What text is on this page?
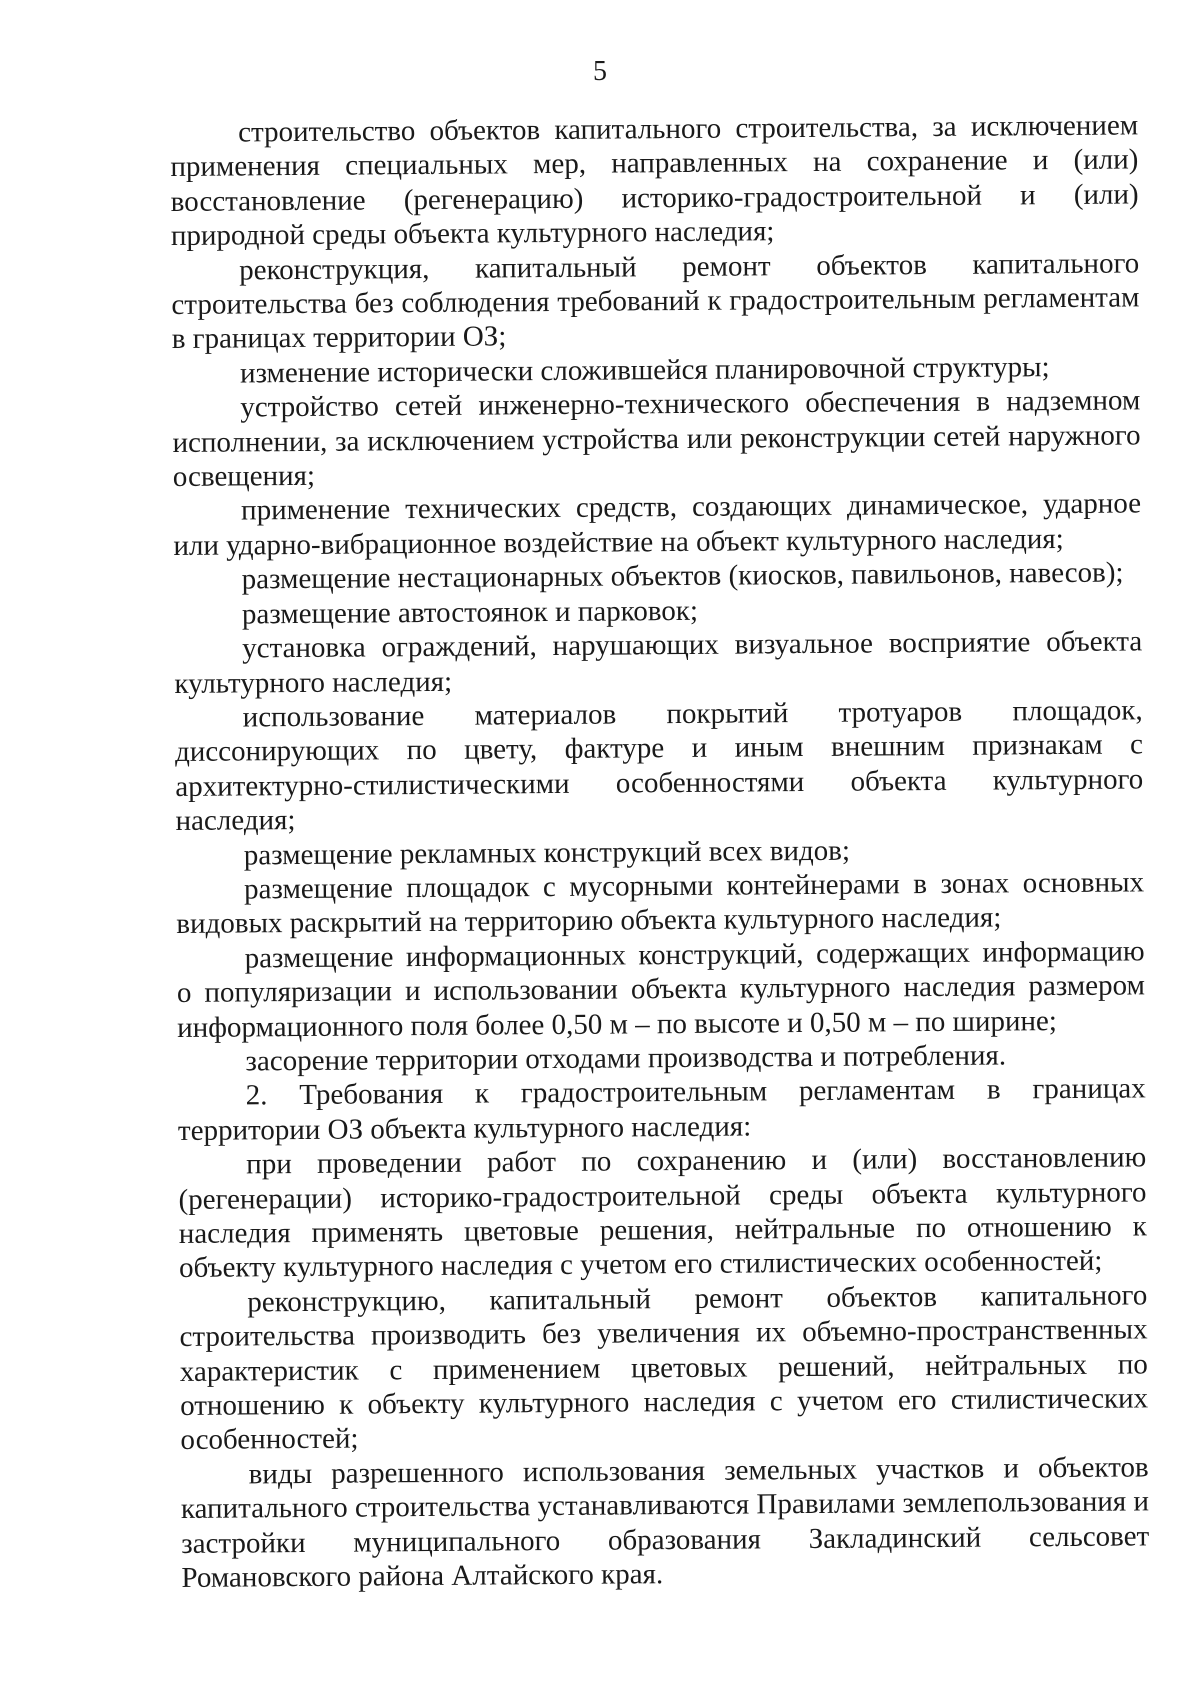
5

строительство объектов капитального строительства, за исключением применения специальных мер, направленных на сохранение и (или) восстановление (регенерацию) историко-градостроительной и (или) природной среды объекта культурного наследия;

реконструкция, капитальный ремонт объектов капитального строительства без соблюдения требований к градостроительным регламентам в границах территории ОЗ;

изменение исторически сложившейся планировочной структуры;

устройство сетей инженерно-технического обеспечения в надземном исполнении, за исключением устройства или реконструкции сетей наружного освещения;

применение технических средств, создающих динамическое, ударное или ударно-вибрационное воздействие на объект культурного наследия;

размещение нестационарных объектов (киосков, павильонов, навесов);

размещение автостоянок и парковок;

установка ограждений, нарушающих визуальное восприятие объекта культурного наследия;

использование материалов покрытий тротуаров площадок, диссонирующих по цвету, фактуре и иным внешним признакам с архитектурно-стилистическими особенностями объекта культурного наследия;

размещение рекламных конструкций всех видов;

размещение площадок с мусорными контейнерами в зонах основных видовых раскрытий на территорию объекта культурного наследия;

размещение информационных конструкций, содержащих информацию о популяризации и использовании объекта культурного наследия размером информационного поля более 0,50 м – по высоте и 0,50 м – по ширине;

засорение территории отходами производства и потребления.

2. Требования к градостроительным регламентам в границах территории ОЗ объекта культурного наследия:

при проведении работ по сохранению и (или) восстановлению (регенерации) историко-градостроительной среды объекта культурного наследия применять цветовые решения, нейтральные по отношению к объекту культурного наследия с учетом его стилистических особенностей;

реконструкцию, капитальный ремонт объектов капитального строительства производить без увеличения их объемно-пространственных характеристик с применением цветовых решений, нейтральных по отношению к объекту культурного наследия с учетом его стилистических особенностей;

виды разрешенного использования земельных участков и объектов капитального строительства устанавливаются Правилами землепользования и застройки муниципального образования Закладинский сельсовет Романовского района Алтайского края.
